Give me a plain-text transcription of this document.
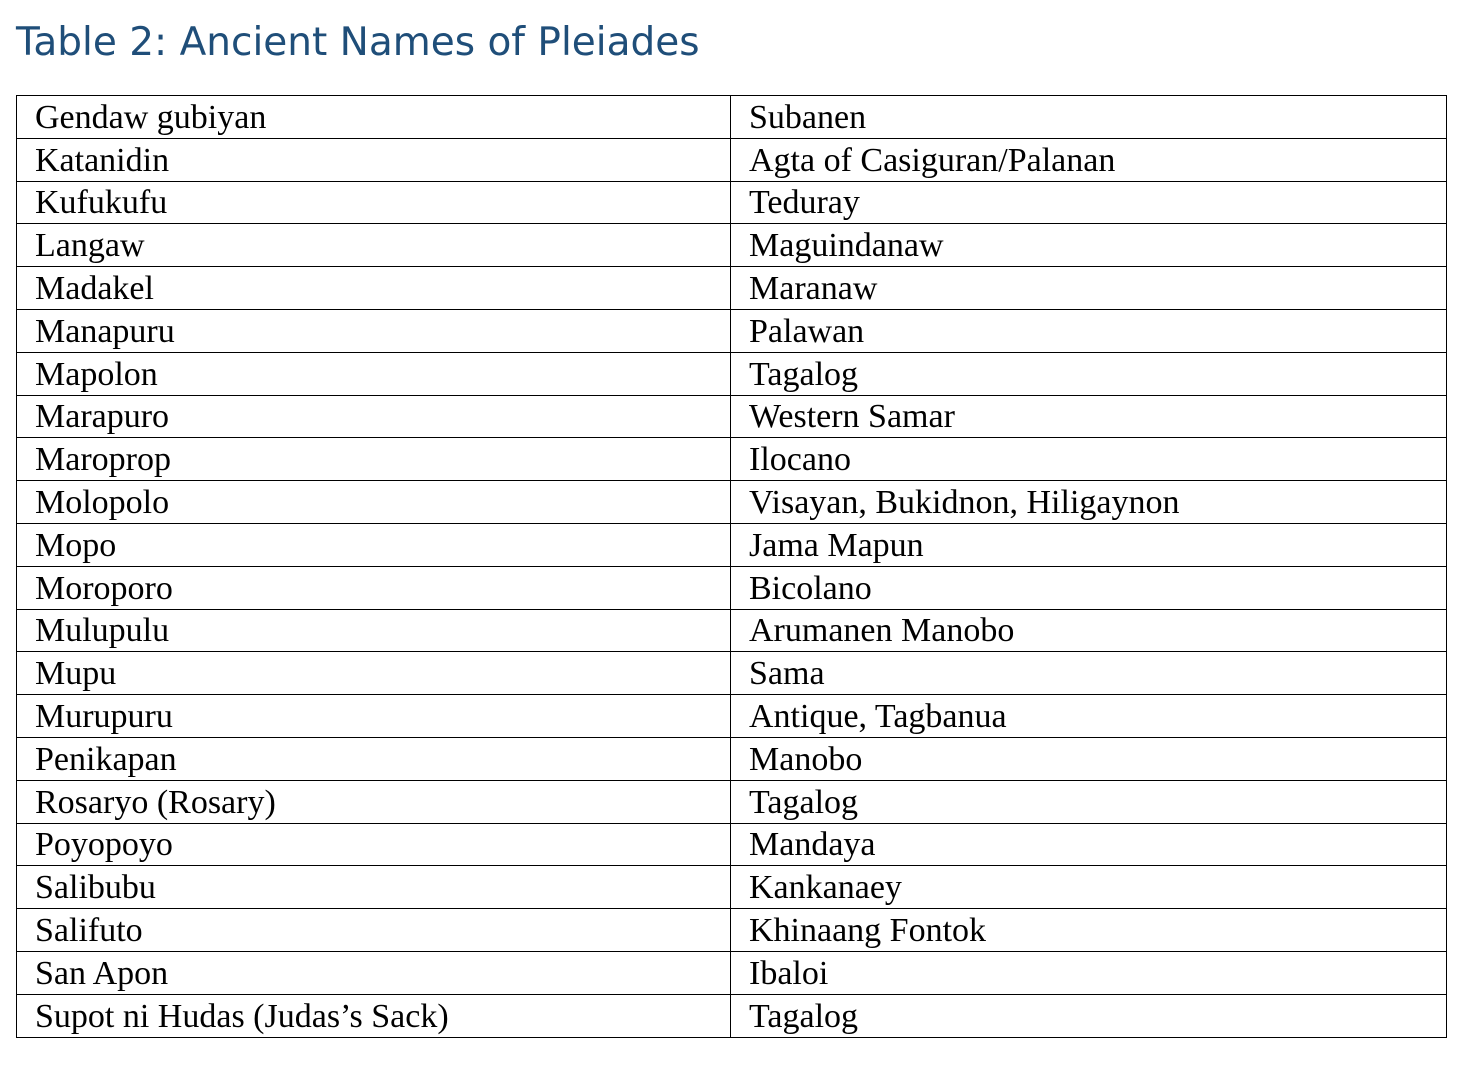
Table 2: Ancient Names of Pleiades
Gendaw gubiyan	Subanen
Katanidin	Agta of Casiguran/Palanan
Kufukufu	Teduray
Langaw	Maguindanaw
Madakel	Maranaw
Manapuru	Palawan
Mapolon	Tagalog
Marapuro	Western Samar
Maroprop	Ilocano
Molopolo	Visayan, Bukidnon, Hiligaynon
Mopo	Jama Mapun
Moroporo	Bicolano
Mulupulu	Arumanen Manobo
Mupu	Sama
Murupuru	Antique, Tagbanua
Penikapan	Manobo
Rosaryo (Rosary)	Tagalog
Poyopoyo	Mandaya
Salibubu	Kankanaey
Salifuto	Khinaang Fontok
San Apon	Ibaloi
Supot ni Hudas (Judas’s Sack)	Tagalog
